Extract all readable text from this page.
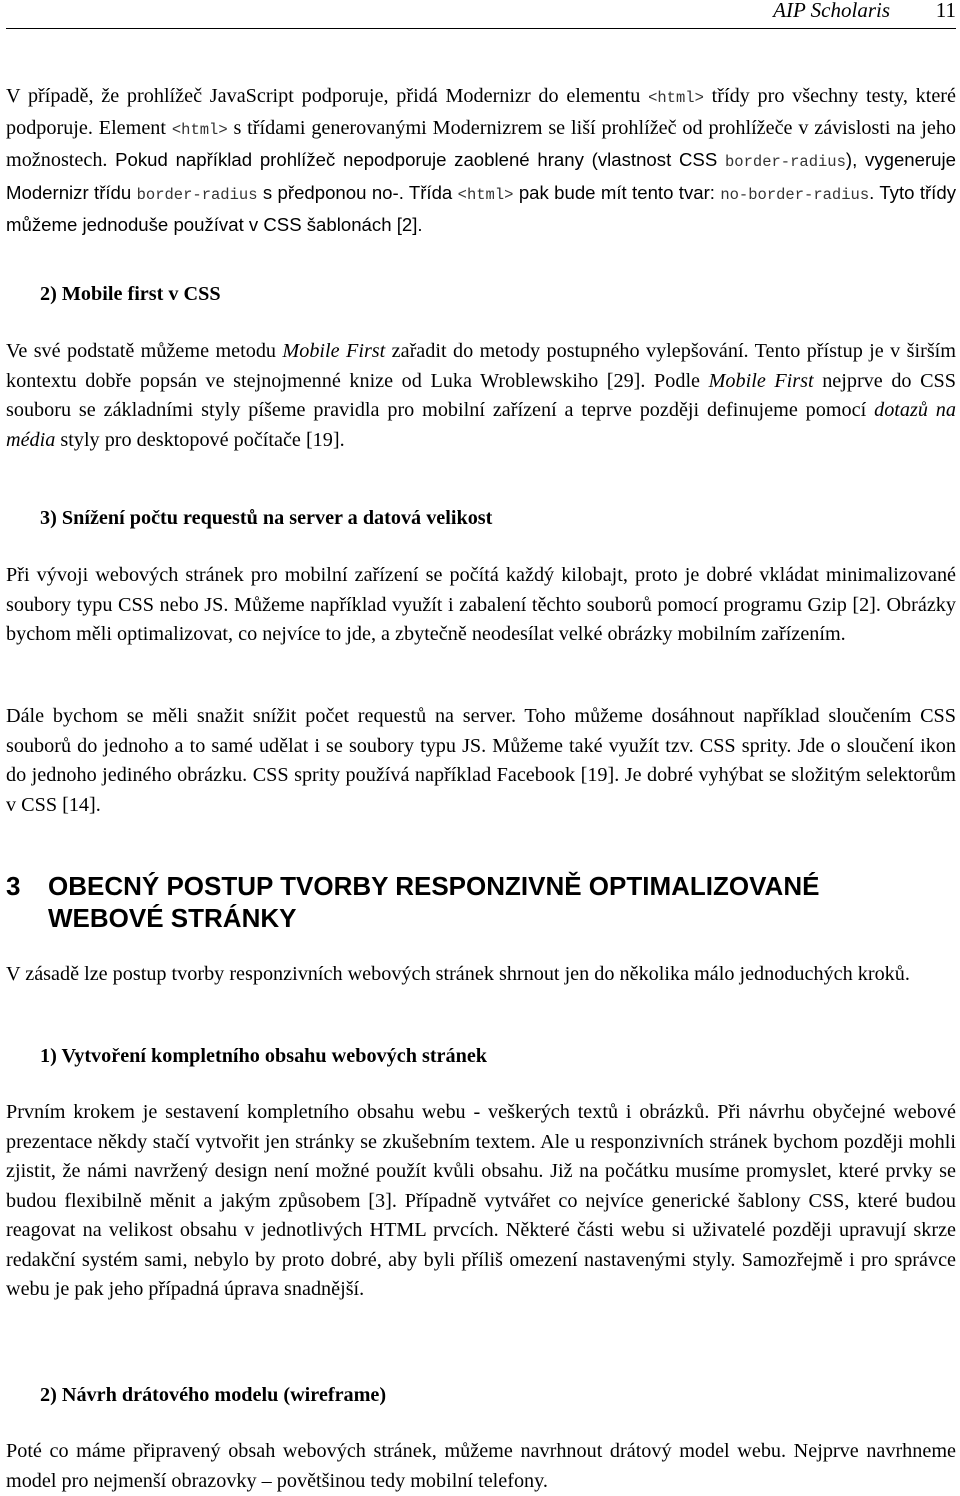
AIP Scholaris 11

V případě, že prohlížeč JavaScript podporuje, přidá Modernizr do elementu <html> třídy pro všechny testy, které podporuje. Element <html> s třídami generovanými Modernizrem se liší prohlížeč od prohlížeče v závislosti na jeho možnostech. Pokud například prohlížeč nepodporuje zaoblené hrany (vlastnost CSS border-radius), vygeneruje Modernizr třídu border-radius s předponou no-. Třída <html> pak bude mít tento tvar: no-border-radius. Tyto třídy můžeme jednoduše používat v CSS šablonách [2].

2) Mobile first v CSS

Ve své podstatě můžeme metodu Mobile First zařadit do metody postupného vylepšování. Tento přístup je v širším kontextu dobře popsán ve stejnojmenné knize od Luka Wroblewskiho [29]. Podle Mobile First nejprve do CSS souboru se základními styly píšeme pravidla pro mobilní zařízení a teprve později definujeme pomocí dotazů na média styly pro desktopové počítače [19].

3) Snížení počtu requestů na server a datová velikost

Při vývoji webových stránek pro mobilní zařízení se počítá každý kilobajt, proto je dobré vkládat minimalizované soubory typu CSS nebo JS. Můžeme například využít i zabalení těchto souborů pomocí programu Gzip [2]. Obrázky bychom měli optimalizovat, co nejvíce to jde, a zbytečně neodesílat velké obrázky mobilním zařízením.

Dále bychom se měli snažit snížit počet requestů na server. Toho můžeme dosáhnout například sloučením CSS souborů do jednoho a to samé udělat i se soubory typu JS. Můžeme také využít tzv. CSS sprity. Jde o sloučení ikon do jednoho jediného obrázku. CSS sprity používá například Facebook [19]. Je dobré vyhýbat se složitým selektorům v CSS [14].

3 OBECNÝ POSTUP TVORBY RESPONZIVNĚ OPTIMALIZOVANÉ
WEBOVÉ STRÁNKY

V zásadě lze postup tvorby responzivních webových stránek shrnout jen do několika málo jednoduchých kroků.

1) Vytvoření kompletního obsahu webových stránek

Prvním krokem je sestavení kompletního obsahu webu - veškerých textů i obrázků. Při návrhu obyčejné webové prezentace někdy stačí vytvořit jen stránky se zkušebním textem. Ale u responzivních stránek bychom později mohli zjistit, že námi navržený design není možné použít kvůli obsahu. Již na počátku musíme promyslet, které prvky se budou flexibilně měnit a jakým způsobem [3]. Případně vytvářet co nejvíce generické šablony CSS, které budou reagovat na velikost obsahu v jednotlivých HTML prvcích. Některé části webu si uživatelé později upravují skrze redakční systém sami, nebylo by proto dobré, aby byli příliš omezení nastavenými styly. Samozřejmě i pro správce webu je pak jeho případná úprava snadnější.

2) Návrh drátového modelu (wireframe)

Poté co máme připravený obsah webových stránek, můžeme navrhnout drátový model webu. Nejprve navrhneme model pro nejmenší obrazovky – povětšinou tedy mobilní telefony.
